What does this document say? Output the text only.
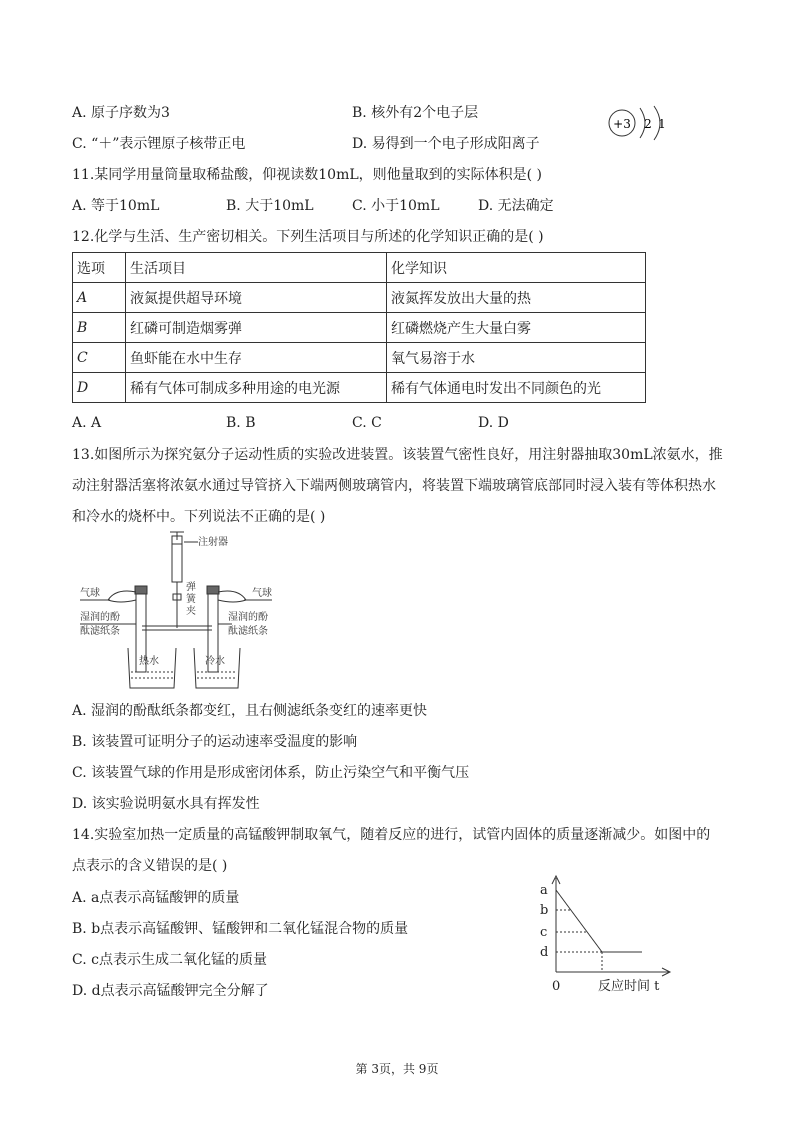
A. 原子序数为3	B. 核外有2个电子层
C. “＋”表示锂原子核带正电	D. 易得到一个电子形成阳离子
+3 2 1
11.某同学用量筒量取稀盐酸，仰视读数10mL，则他量取到的实际体积是( )
A. 等于10mL	B. 大于10mL	C. 小于10mL	D. 无法确定
12.化学与生活、生产密切相关。下列生活项目与所述的化学知识正确的是( )
选项	生活项目	化学知识
A	液氮提供超导环境	液氮挥发放出大量的热
B	红磷可制造烟雾弹	红磷燃烧产生大量白雾
C	鱼虾能在水中生存	氧气易溶于水
D	稀有气体可制成多种用途的电光源	稀有气体通电时发出不同颜色的光
A. A	B. B	C. C	D. D
13.如图所示为探究氨分子运动性质的实验改进装置。该装置气密性良好，用注射器抽取30mL浓氨水，推
动注射器活塞将浓氨水通过导管挤入下端两侧玻璃管内，将装置下端玻璃管底部同时浸入装有等体积热水
和冷水的烧杯中。下列说法不正确的是( )
注射器
气球	气球
弹
簧
夹
湿润的酚
酞滤纸条
湿润的酚
酞滤纸条
热水	冷水
A. 湿润的酚酞纸条都变红，且右侧滤纸条变红的速率更快
B. 该装置可证明分子的运动速率受温度的影响
C. 该装置气球的作用是形成密闭体系，防止污染空气和平衡气压
D. 该实验说明氨水具有挥发性
14.实验室加热一定质量的高锰酸钾制取氧气，随着反应的进行，试管内固体的质量逐渐减少。如图中的
点表示的含义错误的是( )
A. a点表示高锰酸钾的质量
B. b点表示高锰酸钾、锰酸钾和二氧化锰混合物的质量
C. c点表示生成二氧化锰的质量
D. d点表示高锰酸钾完全分解了
a
b
c
d
0	反应时间 t
第 3页，共 9页
